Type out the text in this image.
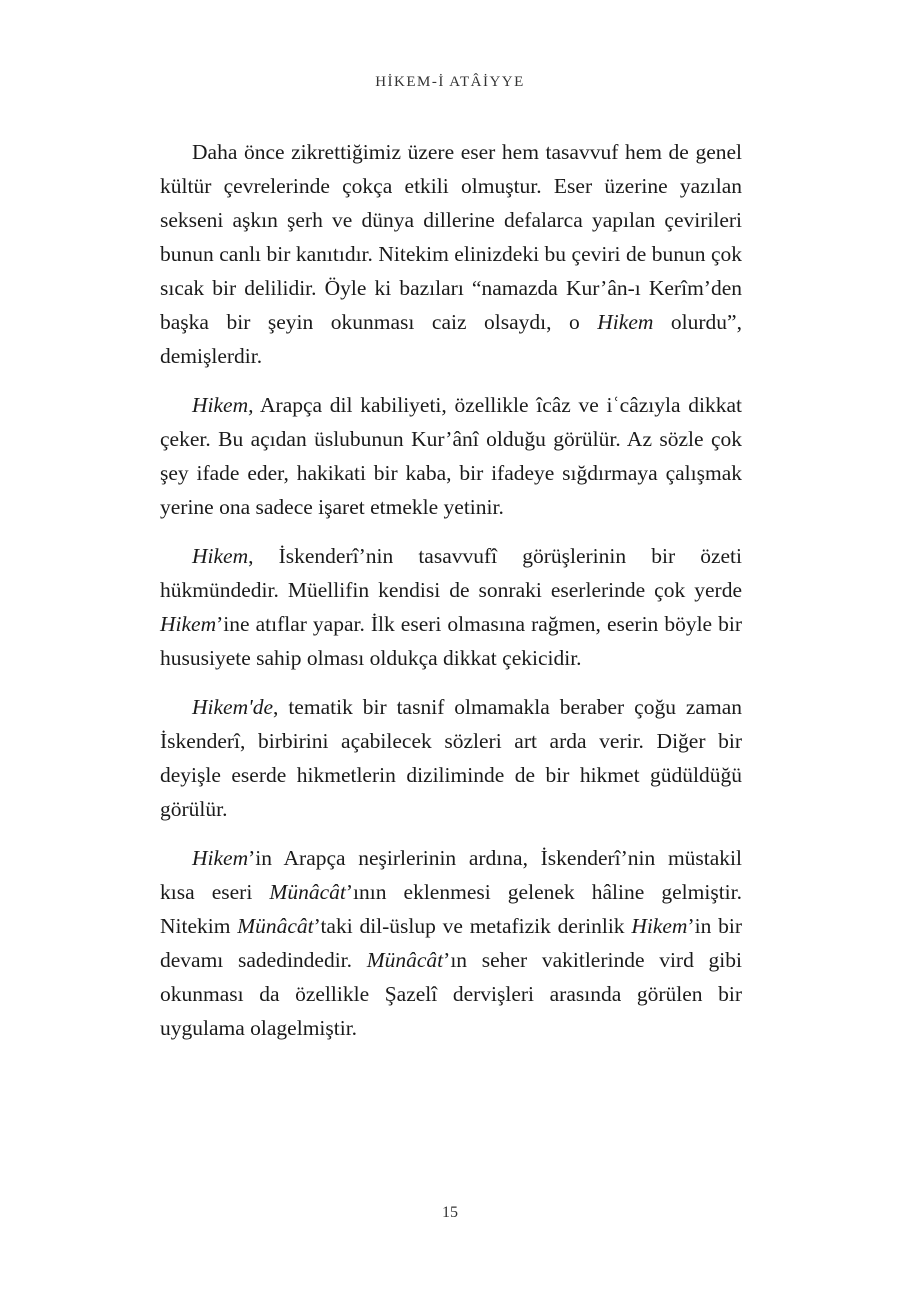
HİKEM-İ ATÂİYYE

Daha önce zikrettiğimiz üzere eser hem tasavvuf hem de genel kültür çevrelerinde çokça etkili olmuştur. Eser üzerine yazılan sekseni aşkın şerh ve dünya dillerine defalarca yapılan çevirileri bunun canlı bir kanıtıdır. Nitekim elinizdeki bu çeviri de bunun çok sıcak bir delilidir. Öyle ki bazıları “namazda Kur’ân-ı Kerîm’den başka bir şeyin okunması caiz olsaydı, o Hikem olurdu”, demişlerdir.

Hikem, Arapça dil kabiliyeti, özellikle îcâz ve iʿcâzıyla dikkat çeker. Bu açıdan üslubunun Kur’ânî olduğu görülür. Az sözle çok şey ifade eder, hakikati bir kaba, bir ifadeye sığdırmaya çalışmak yerine ona sadece işaret etmekle yetinir.

Hikem, İskenderî’nin tasavvufî görüşlerinin bir özeti hükmündedir. Müellifin kendisi de sonraki eserlerinde çok yerde Hikem’ine atıflar yapar. İlk eseri olmasına rağmen, eserin böyle bir hususiyete sahip olması oldukça dikkat çekicidir.

Hikem'de, tematik bir tasnif olmamakla beraber çoğu zaman İskenderî, birbirini açabilecek sözleri art arda verir. Diğer bir deyişle eserde hikmetlerin diziliminde de bir hikmet güdüldüğü görülür.

Hikem’in Arapça neşirlerinin ardına, İskenderî’nin müstakil kısa eseri Münâcât’ının eklenmesi gelenek hâline gelmiştir. Nitekim Münâcât’taki dil-üslup ve metafizik derinlik Hikem’in bir devamı sadedindedir. Münâcât’ın seher vakitlerinde vird gibi okunması da özellikle Şazelî dervişleri arasında görülen bir uygulama olagelmiştir.

15
